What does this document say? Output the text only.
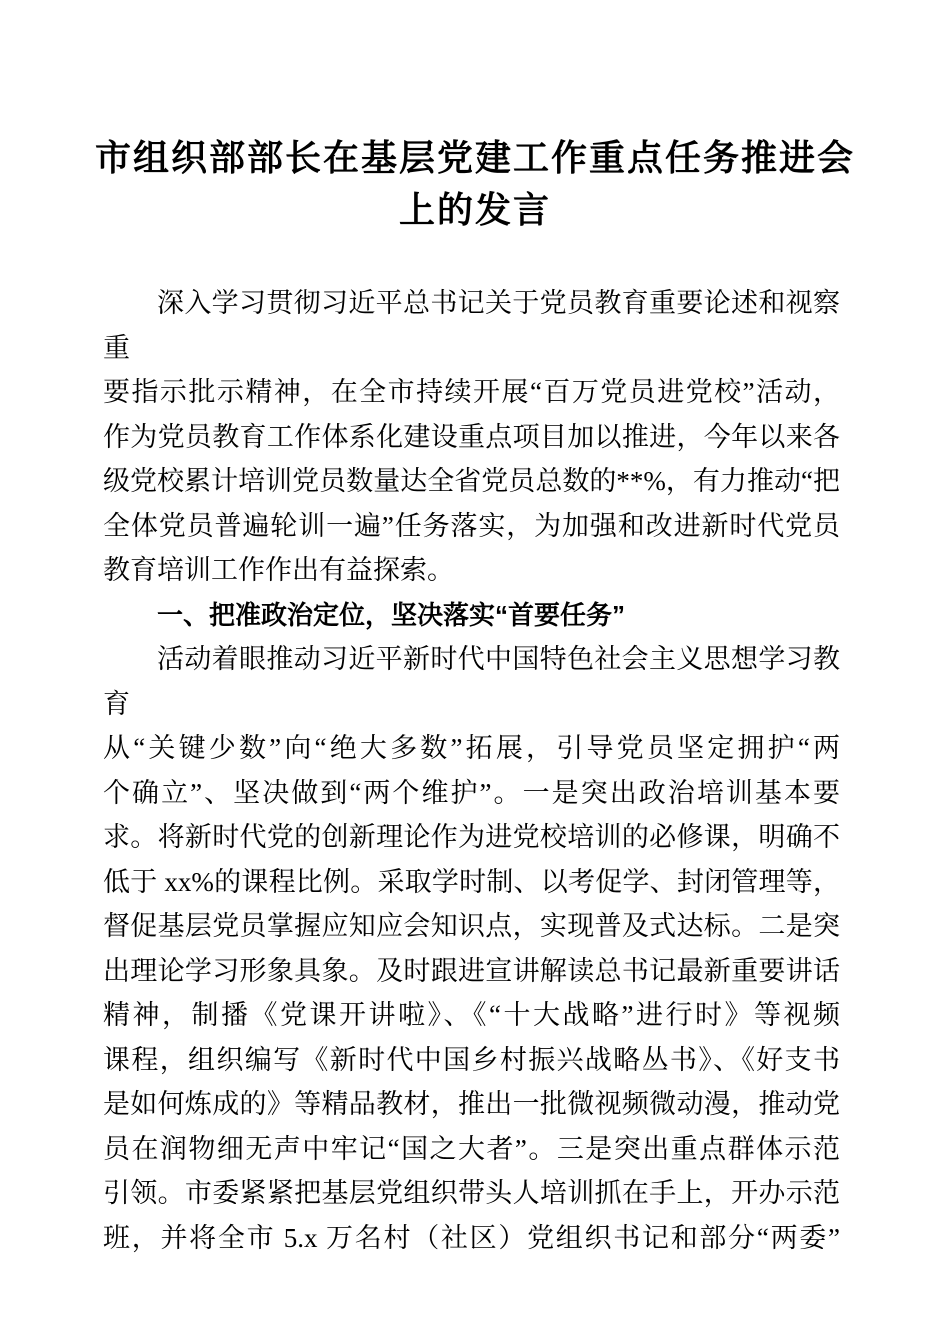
市组织部部长在基层党建工作重点任务推进会
上的发言
深入学习贯彻习近平总书记关于党员教育重要论述和视察重
要指示批示精神，在全市持续开展“百万党员进党校”活动，
作为党员教育工作体系化建设重点项目加以推进，今年以来各
级党校累计培训党员数量达全省党员总数的**%，有力推动“把
全体党员普遍轮训一遍”任务落实，为加强和改进新时代党员
教育培训工作作出有益探索。
一、把准政治定位，坚决落实“首要任务”
活动着眼推动习近平新时代中国特色社会主义思想学习教育
从“关键少数”向“绝大多数”拓展，引导党员坚定拥护“两
个确立”、坚决做到“两个维护”。一是突出政治培训基本要
求。将新时代党的创新理论作为进党校培训的必修课，明确不
低于 xx%的课程比例。采取学时制、以考促学、封闭管理等，
督促基层党员掌握应知应会知识点，实现普及式达标。二是突
出理论学习形象具象。及时跟进宣讲解读总书记最新重要讲话
精神，制播《党课开讲啦》、《“十大战略”进行时》等视频
课程，组织编写《新时代中国乡村振兴战略丛书》、《好支书
是如何炼成的》等精品教材，推出一批微视频微动漫，推动党
员在润物细无声中牢记“国之大者”。三是突出重点群体示范
引领。市委紧紧把基层党组织带头人培训抓在手上，开办示范
班，并将全市 5.x 万名村（社区）党组织书记和部分“两委”
